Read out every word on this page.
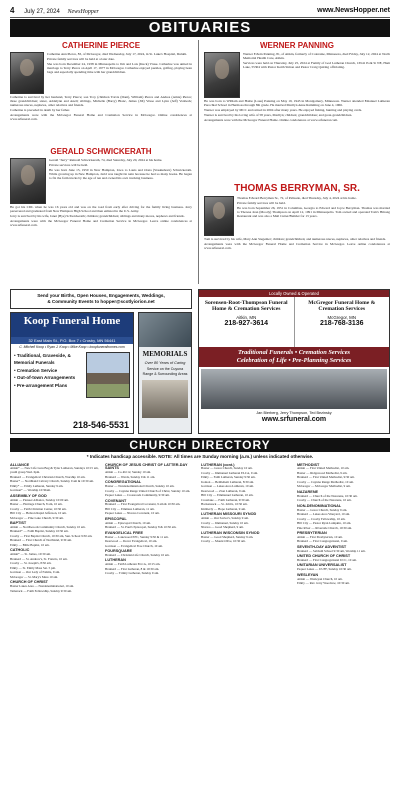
4 July 27, 2024 NewsHopper	www.NewsHopper.net
OBITUARIES
CATHERINE PIERCE

Catherine Ann Pierce, 83, of McGregor, died Wednesday, July 17, 2024, in St. Luke's Hospital, Duluth.

Private family services will be held at a later date.

She was born December 24, 1938 in Minneapolis to Jim and Lois (Kuck) Vruse. Catherine was united in marriage to Terry Pierce on April 17, 1977 in McGregor. Catherine enjoyed puzzles, golfing, playing bean bags and especially spending time with her grandchildren.

Catherine is survived by her husband, Terry Pierce; son Troy (children Travis (Dani), William) Pierce and Andrea (Amie) Pierce; three grandchildren; sister, Addelynn and Aneli; siblings, Michelle (Barry) Blanc, James (Jill) Vruse and Lynn (Jeff) Vonbeck; numerous nieces, nephews, other relatives and friends.

Catherine is preceded in death by her father.

Arrangements were with the McGregor Funeral Home and Cremation Service in McGregor. Online condolences at www.srfuneral.com.

GERALD SCHWICKERATH

Gerald "Jerry" Reinold Schwickerath, 74, died Saturday, July 20, 2024 at his home.

Private services will be held.

He was born June 15, 1950 in New Hampton, Iowa to Louis and Oreta (Staskiehorn) Schwickerath. While growing up in New Hampton, Jerid was taught tin nain because he had so many hooks. He began to fix the farm trucks by the age of ten and owned his own trucking business.

He got his CDL when he was 16 years old and was on the road from early after driving for the family living business. Jerry persevered and graduated from New Hampton High School and then enlisted in the U.S. Army.

Jerry is survived by his wife, Janet (Bye) Schwickerath; children; grandchildren; siblings and many nieces, nephews and friends.

Arrangements were with the McGregor Funeral Home and Cremation Service in McGregor. Leave online condolences at www.srfuneral.com.

WERNER PANNING

Werner Edwin Panning, 81, of Aitkin, formerly of Coleraine, Minnesota, died Friday, July 12, 2024 at North Memorial Health Care, Aitkin.

Services were held on Thursday, July 25, 2024 at Family of God Lutheran Church, 16541 Polk St NE, Ham Lake, 55304 with Pastor Keith Simon and Pastor Craig Quiring officiating.

He was born to William and Hattie (Laua) Panning on May 19, 1943 in Montgomery, Minnesota. Werner attended Emanuel Lutheran Parochial School in Hermosa through 8th grade. He married Marilyn Anne Ramming on June 4, 1966.

Werner was employed by MCC and retired in 2004 after many years. He enjoyed fishing, hunting and playing cards.

Werner is survived by his loving wife of 58 years, Marilyn; children; grandchildren; and great-grandchildren.

Arrangements were with the McGregor Funeral Home. Online condolences at www.srfuneral.com.

THOMAS BERRYMAN, SR.

Thomas Edward Berryman Sr., 72, of Palisade, died Thursday, July 4, 2024 at his home.

Private family services will be held.

He was born September 26, 1951 in Columbus, Georgia to Edward and Joyce Berryman. Thomas was married to Theresa Jean (Moody) Thompson on April 12, 1991 in Minneapolis. Tom owned and operated Tom's Hmong Restaurant and was also a Mail Cutter/Builder for 13 years.

Tom is survived by his wife, Mary Ann Stegemer; children; grandchildren; and numerous nieces, nephews, other relatives and friends.

Arrangements were with the McGregor Funeral Home and Cremation Service in McGregor. Leave online condolences at www.srfuneral.com.

Send your Births, Open Houses, Engagements, Weddings,
& Community Events to hopper@scotlyiorion.net
Koop Funeral Home
32 East Main St., P.O. Box 7 • Crosby, MN 56441
C. Mitchell Koop • Ryan J. Koop • Mike Koop • koopfuneralhomes.com
• Traditional, Graveside, & Memorial Funerals
• Cremation Service
• Out-of-town Arrangements
• Pre-arrangement Plans
218-546-5531
MEMORIALS
Over 80 Years of Caring
Service on the Cuyuna Range & Surrounding Areas
Locally Owned & Operated
Sorensen-Root-Thompson Funeral Home & Cremation Services
Aitkin, MN
218-927-3614
McGregor Funeral Home & Cremation Services
McGregor, MN
218-768-3136
Traditional Funerals • Cremation Services
Celebration of Life • Pre-Planning Services
Jan Bierberg, Jerry Thompson, Ted Bezinsky
www.srfuneral.com
CHURCH DIRECTORY
* Indicates handicap accessible. NOTE: All times are Sunday morning (a.m.) unless indicated otherwise.
ALLIANCE
Aitkin* — New Life Luru Bag & Tyler Lutheran, Sundays 10:15 am, youth group Wed. 6pm.
Brainerd — Evangelical Christian Church, Worship 10 am.
Baxter* — Northland Calvary Church, Sunday 9 am & 10:30 am.
Emily* — Emily Lutheran, Sunday 9 am.
Garrison* — Worship 10:30am.
ASSEMBLY OF GOD
Aitkin — Pioneer Alliance, Sunday 10:00 am.
Baxter — Heritage Church, 8 am, 10 am.
Crosby — Faith Christian Center, 10:30 am.
Hill City — Hebron Rapid Jefferson, 10 am.
McGregor — Pine Lake Church, 9:30 am.
BAPTIST
Aitkin — Northwoods Community Church, Sunday 10 am.
Brainerd* — Faith Baptist, Sunday 10:30 am.
Crosby — First Baptist Church, 10:30 am, Sun. School 9:30 am.
Brainerd — First Church of Northland, 9:30 am.
Emily — Bible Baptist, 10 am.
CATHOLIC
Aitkin* — St. James, 10:30 am.
Brainerd — St. Andrew's, St. Francis, 10 am.
Crosby — St. Joseph's, 8:30 am.
Emily — St. Emily Mass Sat. 5 pm.
Garrison — Our Lady of Fatima, 9 am.
McGregor — St. Mary's Mass 10 am.
CHURCH OF CHRIST
Baxter Lakes Area — Nondenominational, 10 am.
Tamarack — Faith Fellowship, Sunday 9:30 am.
CHURCH OF JESUS CHRIST OF LATTER-DAY SAINTS
Aitkin — Co-Rd 12, Sunday 10 am.
Brainerd — Wards, Sunday 9 & 11 am.
CONGREGATIONAL
Baxter — Nondenominational Church, Sunday 10 am.
Crosby — Cuyuna Range United Church of Christ, Sunday 10 am.
Pequot Lakes — Crossroads Community, 9:30 am.
COVENANT
Brainerd — First Evangelical Covenant, 9 am & 10:30 am.
Hill City — Emmaus Lutheran, 11 am.
Pequot Lakes — Nisswa Covenant, 10 am.
EPISCOPAL
Aitkin — Episcopal Church, 10 am.
Brainerd — St. Paul's Episcopal, Sunday 8 & 10:30 am.
EVANGELICAL FREE
Baxter — Lakewood EFC, Sunday 9:30 & 11 am.
Deerwood — Dover Evangelical, 10 am.
Garrison — Evangelical Free Church, 10 am.
FOURSQUARE
Brainerd — Christian Life Church, Sunday 10 am.
LUTHERAN
Aitkin — Faith Lutheran ELCA, 10:15 am.
Brainerd — First Lutheran, 8 & 10:30 am.
Crosby — Trinity Lutheran, Sunday 9 am.
LUTHERAN (cont.)
Baxter — Grace Church, Sunday 10 am.
Crosby — Immanuel Lutheran ELCA, 9 am.
Emily — Faith Lutheran, Sunday 9:30 am.
Ironton — Bethlehem Lutheran, 8:30 am.
Garrison — Lakes Area Lutheran, 10 am.
Deerwood — Zion Lutheran, 9 am.
Hill City — Emmanuel Lutheran, 10 am.
Crosslake — Faith Lutheran, 9:30 am.
Hackensack — St. John's, 10:30 am.
Kimberly — Hope Lutheran, 9 am.
LUTHERAN MISSOURI SYNOD
Aitkin — Our Savior's, Sunday 9 am.
Crosby — Immanuel, Sunday 10 am.
Nisswa — Good Shepherd, 9 am.
LUTHERAN WISCONSIN SYNOD
Baxter — Good Shepherd, Sunday 9 am.
Crosby — Mount Olive, 10:30 am.
METHODIST
Aitkin — First United Methodist, 10 am.
Baxter — Ridgewood Methodist, 9 am.
Brainerd — First United Methodist, 9:30 am.
Crosby — Cuyuna Range Methodist, 10 am.
McGregor — McGregor Methodist, 9 am.
NAZARENE
Brainerd — Church of the Nazarene, 10:30 am.
Crosby — Church of the Nazarene, 10 am.
NON-DENOMINATIONAL
Baxter — Grace Church, Sunday 9 am.
Brainerd — Lakes Area Vineyard, 10 am.
Crosby — Crosby Fellowship, 10 am.
Hill City — Pastor Ryan Lumpkin, 10 am.
Pine River — Riverside Church, 10:30 am.
PRESBYTERIAN
Aitkin — First Presbyterian, 10 am.
Brainerd — First Congregational, 9 am.
SEVENTH-DAY ADVENTIST
Brainerd — Sabbath School 9:30 am, Worship 11 am.
UNITED CHURCH OF CHRIST
Brainerd — First Congregational UCC, 10 am.
UNITARIAN UNIVERSALIST
Pequot Lakes — UUFF, Sunday 10:30 am.
WESLEYAN
Aitkin — Wesleyan Church, 10 am.
Emily — Rev. Jerry Woodrow, 10:30 am.
